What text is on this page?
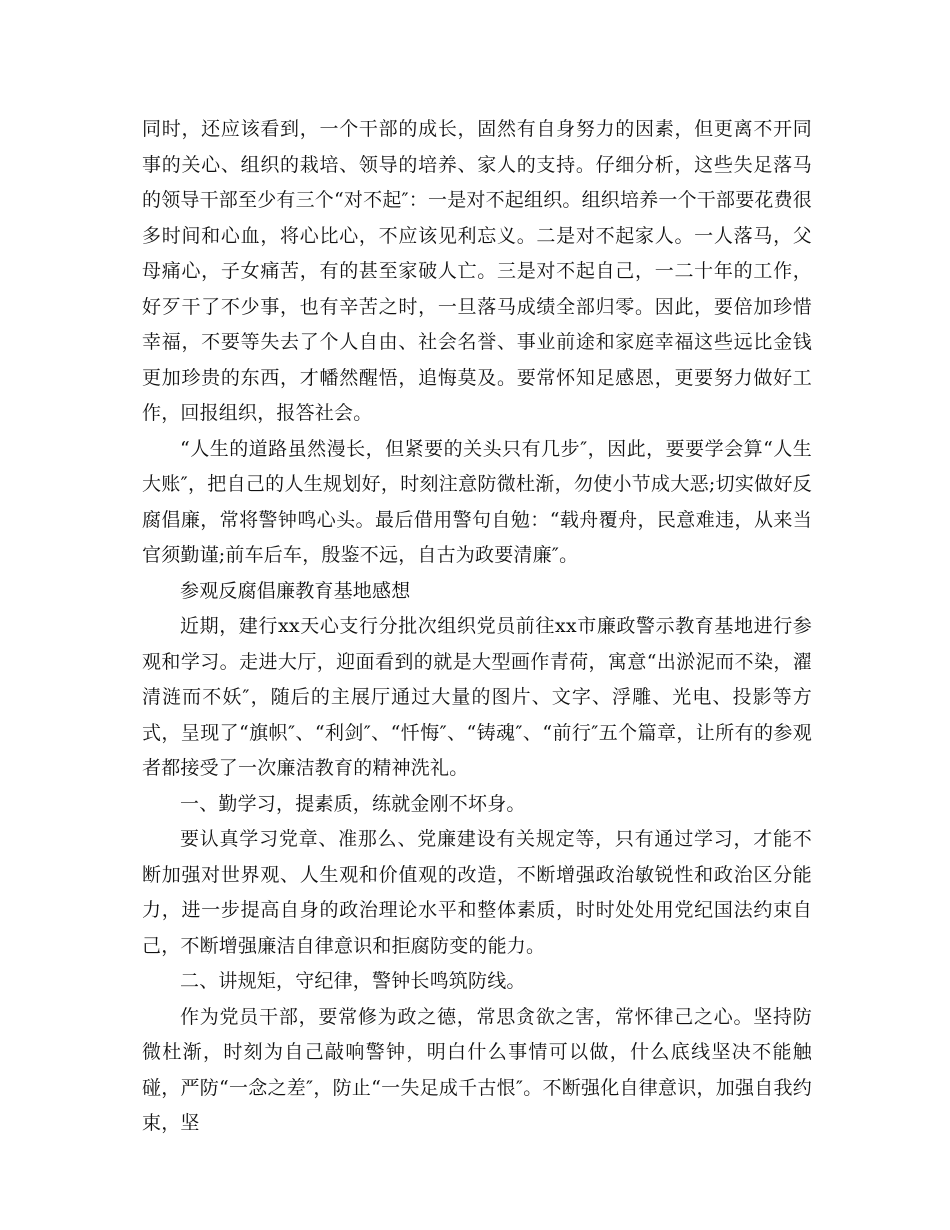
同时，还应该看到，一个干部的成长，固然有自身努力的因素，但更离不开同事的关心、组织的栽培、领导的培养、家人的支持。仔细分析，这些失足落马的领导干部至少有三个“对不起″：一是对不起组织。组织培养一个干部要花费很多时间和心血，将心比心，不应该见利忘义。二是对不起家人。一人落马，父母痛心，子女痛苦，有的甚至家破人亡。三是对不起自己，一二十年的工作，好歹干了不少事，也有辛苦之时，一旦落马成绩全部归零。因此，要倍加珍惜幸福，不要等失去了个人自由、社会名誉、事业前途和家庭幸福这些远比金钱更加珍贵的东西，才幡然醒悟，追悔莫及。要常怀知足感恩，更要努力做好工作，回报组织，报答社会。

“人生的道路虽然漫长，但紧要的关头只有几步″，因此，要要学会算“人生大账″，把自己的人生规划好，时刻注意防微杜渐，勿使小节成大恶;切实做好反腐倡廉，常将警钟鸣心头。最后借用警句自勉：“载舟覆舟，民意难违，从来当官须勤谨;前车后车，殷鉴不远，自古为政要清廉″。

参观反腐倡廉教育基地感想

近期，建行xx天心支行分批次组织党员前往xx市廉政警示教育基地进行参观和学习。走进大厅，迎面看到的就是大型画作青荷，寓意“出淤泥而不染，濯清涟而不妖″，随后的主展厅通过大量的图片、文字、浮雕、光电、投影等方式，呈现了“旗帜″、“利剑″、“忏悔″、“铸魂″、“前行″五个篇章，让所有的参观者都接受了一次廉洁教育的精神洗礼。

一、勤学习，提素质，练就金刚不坏身。

要认真学习党章、准那么、党廉建设有关规定等，只有通过学习，才能不断加强对世界观、人生观和价值观的改造，不断增强政治敏锐性和政治区分能力，进一步提高自身的政治理论水平和整体素质，时时处处用党纪国法约束自己，不断增强廉洁自律意识和拒腐防变的能力。

二、讲规矩，守纪律，警钟长鸣筑防线。

作为党员干部，要常修为政之德，常思贪欲之害，常怀律己之心。坚持防微杜渐，时刻为自己敲响警钟，明白什么事情可以做，什么底线坚决不能触碰，严防“一念之差″，防止“一失足成千古恨″。不断强化自律意识，加强自我约束，坚
